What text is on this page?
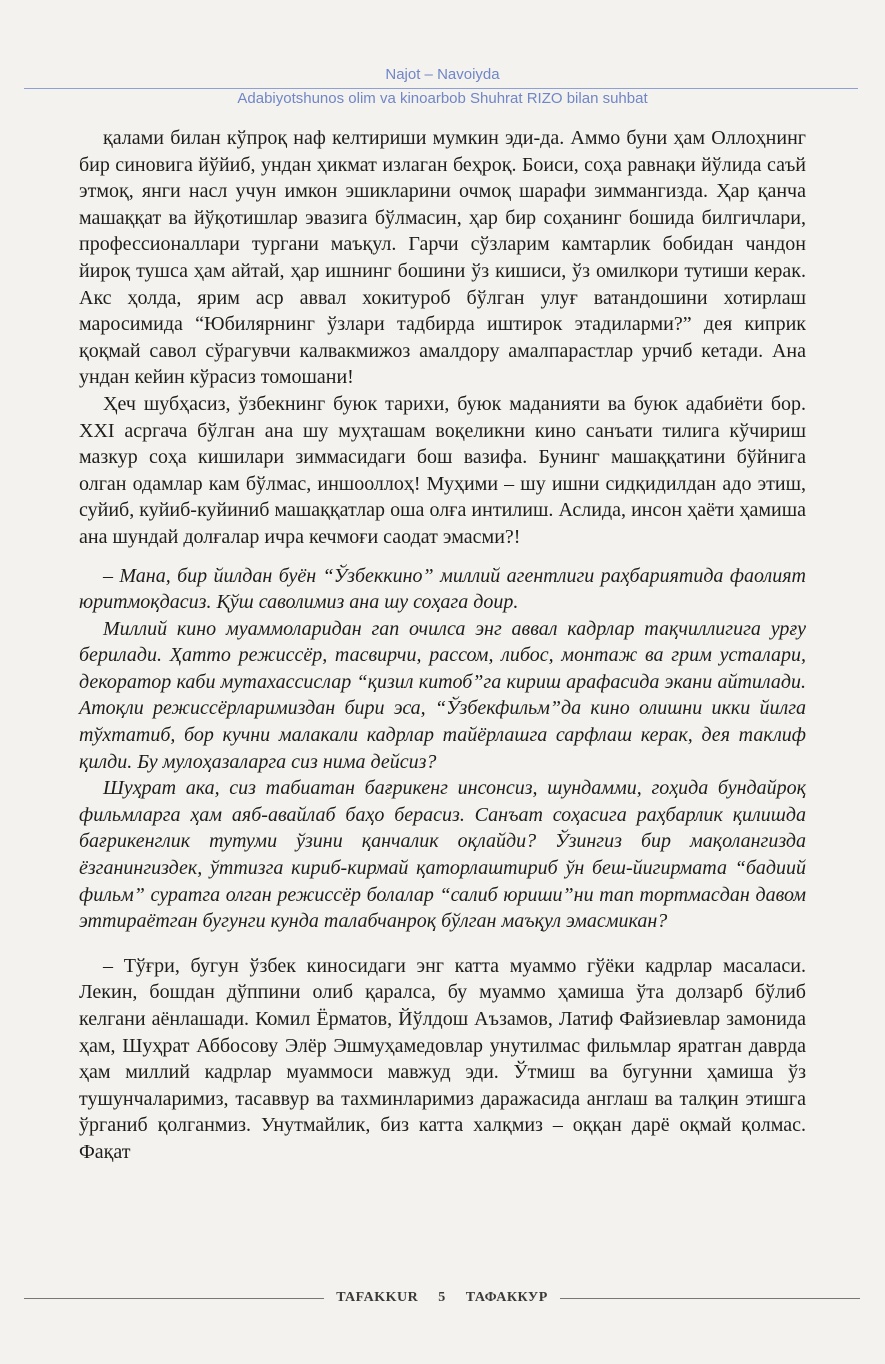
Najot – Navoiyda
Adabiyotshunos olim va kinoarbob Shuhrat RIZO bilan suhbat

қалами билан кўпроқ наф келтириши мумкин эди-да. Аммо буни ҳам Оллоҳнинг бир синовига йўйиб, ундан ҳикмат излаган беҳроқ. Боиси, соҳа равнақи йўлида саъй этмоқ, янги насл учун имкон эшикларини очмоқ шарафи зиммангизда. Ҳар қанча машаққат ва йўқотишлар эвазига бўлмасин, ҳар бир соҳанинг бошида билгичлари, профессионаллари тургани маъқул. Гарчи сўзларим камтарлик бобидан чандон йироқ тушса ҳам айтай, ҳар ишнинг бошини ўз кишиси, ўз омилкори тутиши керак. Акс ҳолда, ярим аср аввал хокитуроб бўлган улуғ ватандошини хотирлаш маросимида “Юбилярнинг ўзлари тадбирда иштирок этадиларми?” дея киприк қоқмай савол сўрагувчи калвакмижоз амалдору амалпарастлар урчиб кетади. Ана ундан кейин кўрасиз томошани!

Ҳеч шубҳасиз, ўзбекнинг буюк тарихи, буюк маданияти ва буюк адабиёти бор. XXI асргача бўлган ана шу муҳташам воқеликни кино санъати тилига кўчириш мазкур соҳа кишилари зиммасидаги бош вазифа. Бунинг машаққатини бўйнига олган одамлар кам бўлмас, иншооллоҳ! Муҳими – шу ишни сидқидилдан адо этиш, суйиб, куйиб-куйиниб машаққатлар оша олға интилиш. Аслида, инсон ҳаёти ҳамиша ана шундай долғалар ичра кечмоғи саодат эмасми?!

– Мана, бир йилдан буён “Ўзбеккино” миллий агентлиги раҳбариятида фаолият юритмоқдасиз. Қўш саволимиз ана шу соҳага доир.

Миллий кино муаммоларидан гап очилса энг аввал кадрлар тақчиллигига урғу берилади. Ҳатто режиссёр, тасвирчи, рассом, либос, монтаж ва грим усталари, декоратор каби мутахассислар “қизил китоб”га кириш арафасида экани айтилади. Атоқли режиссёрларимиздан бири эса, “Ўзбекфильм”да кино олишни икки йилга тўхтатиб, бор кучни малакали кадрлар тайёрлашга сарфлаш керак, дея таклиф қилди. Бу мулоҳазаларга сиз нима дейсиз?

Шуҳрат ака, сиз табиатан бағрикенг инсонсиз, шундамми, гоҳида бундайроқ фильмларга ҳам аяб-авайлаб баҳо берасиз. Санъат соҳасига раҳбарлик қилишда бағрикенглик тутуми ўзини қанчалик оқлайди? Ўзингиз бир мақолангизда ёзганингиздек, ўттизга кириб-кирмай қаторлаштириб ўн беш-йигирмата “бадиий фильм” суратга олган режиссёр болалар “салиб юриши”ни тап тортмасдан давом эттираётган бугунги кунда талабчанроқ бўлган маъқул эмасмикан?

– Тўғри, бугун ўзбек киносидаги энг катта муаммо гўёки кадрлар масаласи. Лекин, бошдан дўппини олиб қаралса, бу муаммо ҳамиша ўта долзарб бўлиб келгани аёнлашади. Комил Ёрматов, Йўлдош Аъзамов, Латиф Файзиевлар замонида ҳам, Шуҳрат Аббосову Элёр Эшмуҳамедовлар унутилмас фильмлар яратган даврда ҳам миллий кадрлар муаммоси мавжуд эди. Ўтмиш ва бугунни ҳамиша ўз тушунчаларимиз, тасаввур ва тахминларимиз даражасида англаш ва талқин этишга ўрганиб қолганмиз. Унутмайлик, биз катта халқмиз – оққан дарё оқмай қолмас. Фақат

TAFAKKUR	5	ТАФАККУР
